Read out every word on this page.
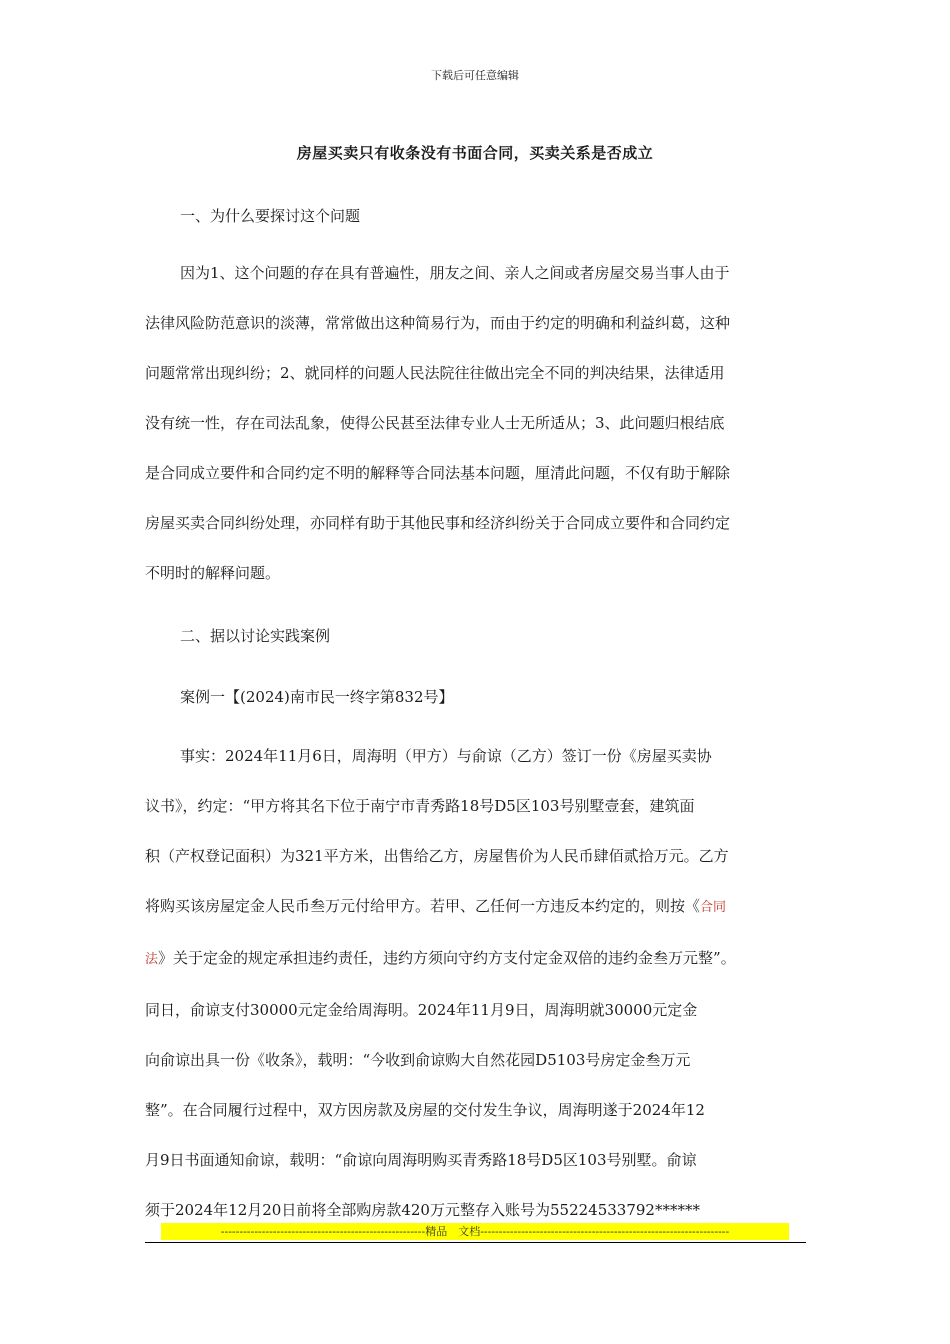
下载后可任意编辑
房屋买卖只有收条没有书面合同，买卖关系是否成立
一、为什么要探讨这个问题
因为1、这个问题的存在具有普遍性，朋友之间、亲人之间或者房屋交易当事人由于
法律风险防范意识的淡薄，常常做出这种简易行为，而由于约定的明确和利益纠葛，这种
问题常常出现纠纷；2、就同样的问题人民法院往往做出完全不同的判决结果，法律适用
没有统一性，存在司法乱象，使得公民甚至法律专业人士无所适从；3、此问题归根结底
是合同成立要件和合同约定不明的解释等合同法基本问题，厘清此问题，不仅有助于解除
房屋买卖合同纠纷处理，亦同样有助于其他民事和经济纠纷关于合同成立要件和合同约定
不明时的解释问题。
二、据以讨论实践案例
案例一【(2024)南市民一终字第832号】
事实：2024年11月6日，周海明（甲方）与俞谅（乙方）签订一份《房屋买卖协
议书》，约定：“甲方将其名下位于南宁市青秀路18号D5区103号别墅壹套，建筑面
积（产权登记面积）为321平方米，出售给乙方，房屋售价为人民币肆佰贰拾万元。乙方
将购买该房屋定金人民币叁万元付给甲方。若甲、乙任何一方违反本约定的，则按《合同
法》关于定金的规定承担违约责任，违约方须向守约方支付定金双倍的违约金叁万元整”。
同日，俞谅支付30000元定金给周海明。2024年11月9日，周海明就30000元定金
向俞谅出具一份《收条》，载明：“今收到俞谅购大自然花园D5103号房定金叁万元
整”。在合同履行过程中，双方因房款及房屋的交付发生争议，周海明遂于2024年12
月9日书面通知俞谅，载明：“俞谅向周海明购买青秀路18号D5区103号别墅。俞谅
须于2024年12月20日前将全部购房款420万元整存入账号为55224533792******
-------------------------------------------------------精品　文档-------------------------------------------------------------------
